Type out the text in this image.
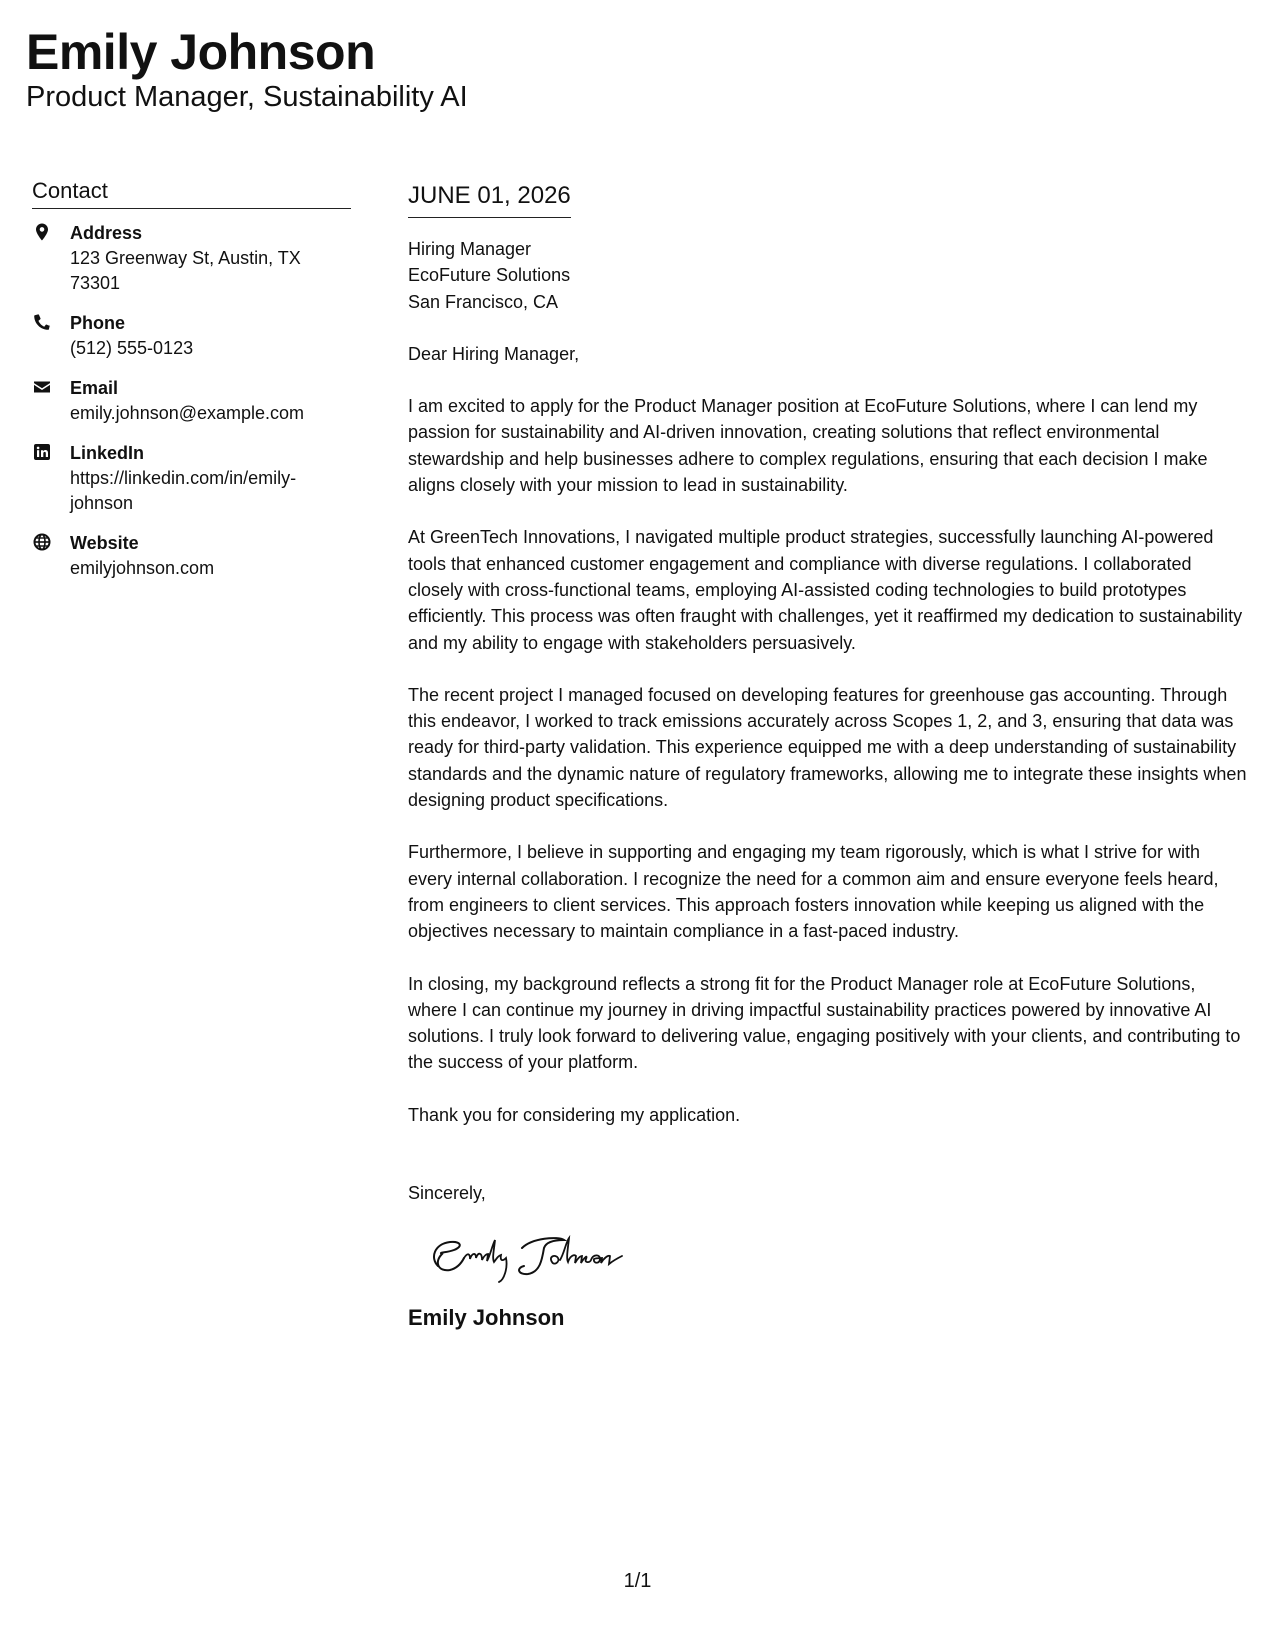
Emily Johnson
Product Manager, Sustainability AI
Contact
Address
123 Greenway St, Austin, TX 73301
Phone
(512) 555-0123
Email
emily.johnson@example.com
LinkedIn
https://linkedin.com/in/emily-johnson
Website
emilyjohnson.com
JUNE 01, 2026
Hiring Manager
EcoFuture Solutions
San Francisco, CA

Dear Hiring Manager,

I am excited to apply for the Product Manager position at EcoFuture Solutions, where I can lend my passion for sustainability and AI-driven innovation, creating solutions that reflect environmental stewardship and help businesses adhere to complex regulations, ensuring that each decision I make aligns closely with your mission to lead in sustainability.

At GreenTech Innovations, I navigated multiple product strategies, successfully launching AI-powered tools that enhanced customer engagement and compliance with diverse regulations. I collaborated closely with cross-functional teams, employing AI-assisted coding technologies to build prototypes efficiently. This process was often fraught with challenges, yet it reaffirmed my dedication to sustainability and my ability to engage with stakeholders persuasively.

The recent project I managed focused on developing features for greenhouse gas accounting. Through this endeavor, I worked to track emissions accurately across Scopes 1, 2, and 3, ensuring that data was ready for third-party validation. This experience equipped me with a deep understanding of sustainability standards and the dynamic nature of regulatory frameworks, allowing me to integrate these insights when designing product specifications.

Furthermore, I believe in supporting and engaging my team rigorously, which is what I strive for with every internal collaboration. I recognize the need for a common aim and ensure everyone feels heard, from engineers to client services. This approach fosters innovation while keeping us aligned with the objectives necessary to maintain compliance in a fast-paced industry.

In closing, my background reflects a strong fit for the Product Manager role at EcoFuture Solutions, where I can continue my journey in driving impactful sustainability practices powered by innovative AI solutions. I truly look forward to delivering value, engaging positively with your clients, and contributing to the success of your platform.

Thank you for considering my application.

Sincerely,
Emily Johnson
1/1
